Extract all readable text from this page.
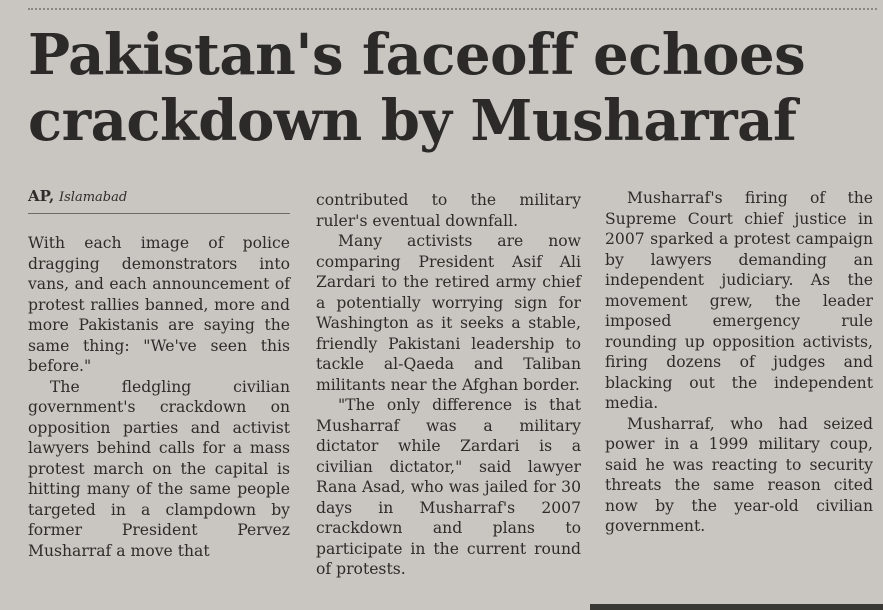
Pakistan's faceoff echoes
crackdown by Musharraf
AP, Islamabad

With each image of police dragging demonstrators into vans, and each announcement of protest rallies banned, more and more Pakistanis are saying the same thing: "We've seen this before."

The fledgling civilian government's crackdown on opposition parties and activist lawyers behind calls for a mass protest march on the capital is hitting many of the same people targeted in a clampdown by former President Pervez Musharraf a move that

contributed to the military ruler's eventual downfall.

Many activists are now comparing President Asif Ali Zardari to the retired army chief a potentially worrying sign for Washington as it seeks a stable, friendly Pakistani leadership to tackle al-Qaeda and Taliban militants near the Afghan border.

"The only difference is that Musharraf was a military dictator while Zardari is a civilian dictator," said lawyer Rana Asad, who was jailed for 30 days in Musharraf's 2007 crackdown and plans to participate in the current round of protests.

Musharraf's firing of the Supreme Court chief justice in 2007 sparked a protest campaign by lawyers demanding an independent judiciary. As the movement grew, the leader imposed emergency rule rounding up opposition activists, firing dozens of judges and blacking out the independent media.

Musharraf, who had seized power in a 1999 military coup, said he was reacting to security threats the same reason cited now by the year-old civilian government.
